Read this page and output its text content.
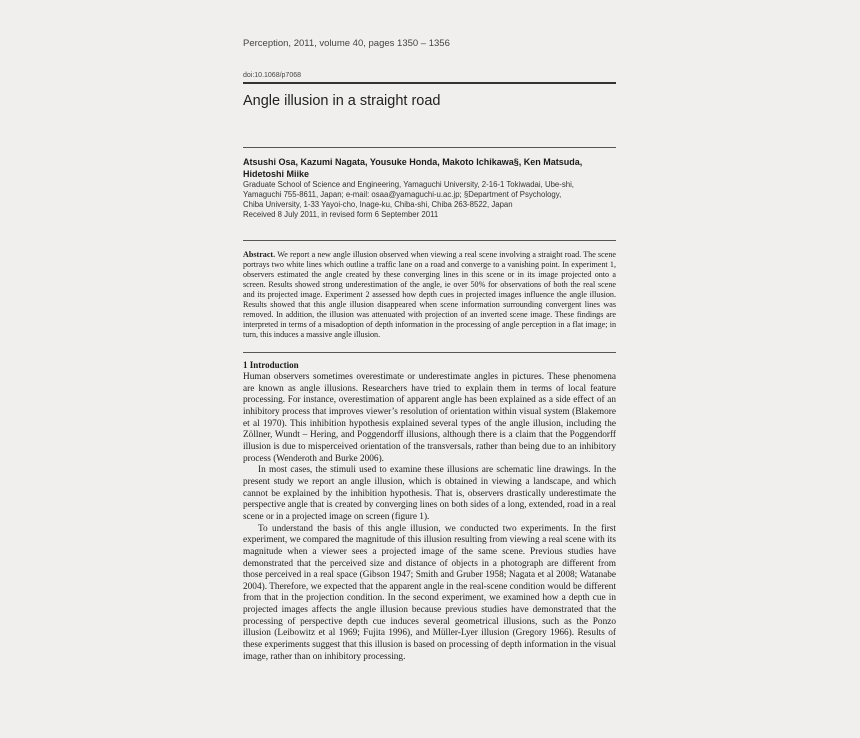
Perception, 2011, volume 40, pages 1350 – 1356
doi:10.1068/p7068
Angle illusion in a straight road
Atsushi Osa, Kazumi Nagata, Yousuke Honda, Makoto Ichikawa§, Ken Matsuda,
Hidetoshi Miike
Graduate School of Science and Engineering, Yamaguchi University, 2-16-1 Tokiwadai, Ube-shi,
Yamaguchi 755-8611, Japan; e-mail: osaa@yamaguchi-u.ac.jp; §Department of Psychology,
Chiba University, 1-33 Yayoi-cho, Inage-ku, Chiba-shi, Chiba 263-8522, Japan
Received 8 July 2011, in revised form 6 September 2011
Abstract. We report a new angle illusion observed when viewing a real scene involving a straight road. The scene portrays two white lines which outline a traffic lane on a road and converge to a vanishing point. In experiment 1, observers estimated the angle created by these converging lines in this scene or in its image projected onto a screen. Results showed strong underestimation of the angle, ie over 50% for observations of both the real scene and its projected image. Experiment 2 assessed how depth cues in projected images influence the angle illusion. Results showed that this angle illusion disappeared when scene information surrounding convergent lines was removed. In addition, the illusion was attenuated with projection of an inverted scene image. These findings are interpreted in terms of a misadoption of depth information in the processing of angle perception in a flat image; in turn, this induces a massive angle illusion.
1 Introduction

Human observers sometimes overestimate or underestimate angles in pictures. These phenomena are known as angle illusions. Researchers have tried to explain them in terms of local feature processing. For instance, overestimation of apparent angle has been explained as a side effect of an inhibitory process that improves viewer’s resolution of orientation within visual system (Blakemore et al 1970). This inhibition hypothesis explained several types of the angle illusion, including the Zöllner, Wundt – Hering, and Poggendorff illusions, although there is a claim that the Poggendorff illusion is due to misperceived orientation of the transversals, rather than being due to an inhibitory process (Wenderoth and Burke 2006).

In most cases, the stimuli used to examine these illusions are schematic line drawings. In the present study we report an angle illusion, which is obtained in viewing a landscape, and which cannot be explained by the inhibition hypothesis. That is, observers drastically underestimate the perspective angle that is created by converging lines on both sides of a long, extended, road in a real scene or in a projected image on screen (figure 1).

To understand the basis of this angle illusion, we conducted two experiments. In the first experiment, we compared the magnitude of this illusion resulting from viewing a real scene with its magnitude when a viewer sees a projected image of the same scene. Previous studies have demonstrated that the perceived size and distance of objects in a photograph are different from those perceived in a real space (Gibson 1947; Smith and Gruber 1958; Nagata et al 2008; Watanabe 2004). Therefore, we expected that the apparent angle in the real-scene condition would be different from that in the projection condition. In the second experiment, we examined how a depth cue in projected images affects the angle illusion because previous studies have demonstrated that the processing of perspective depth cue induces several geometrical illusions, such as the Ponzo illusion (Leibowitz et al 1969; Fujita 1996), and Müller-Lyer illusion (Gregory 1966). Results of these experiments suggest that this illusion is based on processing of depth information in the visual image, rather than on inhibitory processing.
